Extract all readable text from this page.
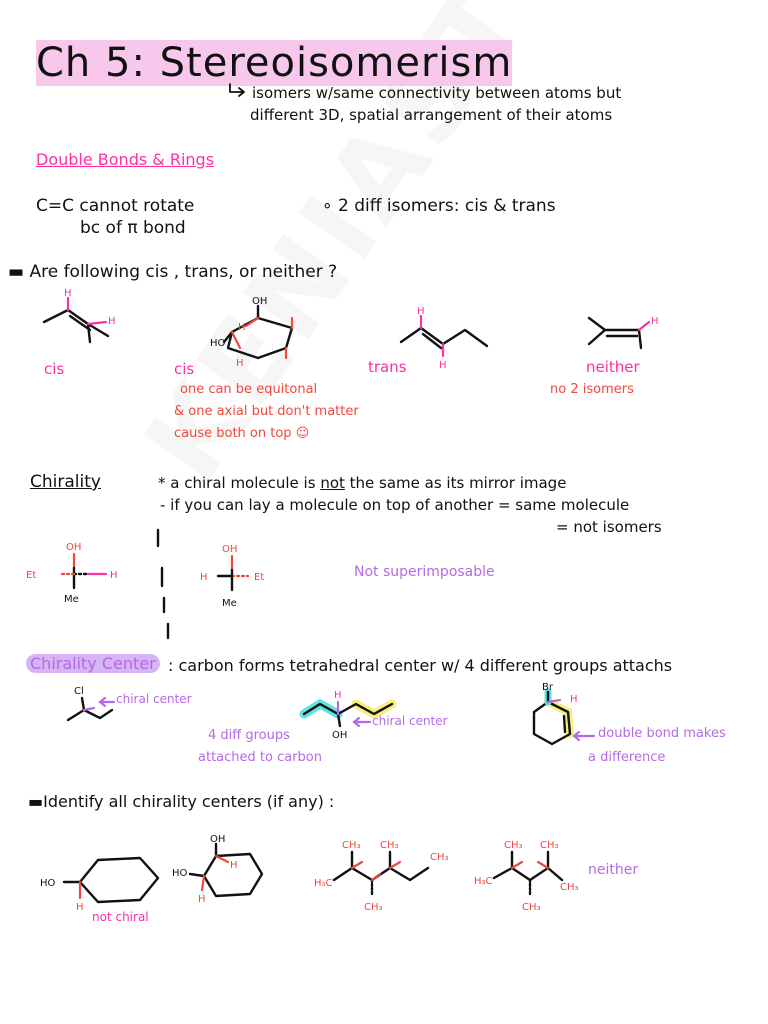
Ch 5: Stereoisomerism
isomers w/same connectivity between atoms but
different 3D, spatial arrangement of their atoms
Double Bonds & Rings
C=C cannot rotate
bc of π bond
∘ 2 diff isomers: cis & trans
▬ Are following cis , trans, or neither ?
H
H
cis
OH
HO
H
H
cis
one can be equitonal
& one axial but don't matter
cause both on top ☺
H
H
trans
H
neither
no 2 isomers
Chirality	* a chiral molecule is not the same as its mirror image
- if you can lay a molecule on top of another = same molecule
= not isomers
OH
Et	H
Me
OH
H	Et
Me
Not superimposable
Chirality Center : carbon forms tetrahedral center w/ 4 different groups attachs
Cl
chiral center	H
OH
chiral center
4 diff groups
attached to carbon
Br
H
double bond makes
a difference
▬Identify all chirality centers (if any) :
HO
H
not chiral
OH
HO
H
H
CH₃ CH₃
CH₃
H₃C
CH₃
CH₃ CH₃
H₃C
CH₃
CH₃
neither
